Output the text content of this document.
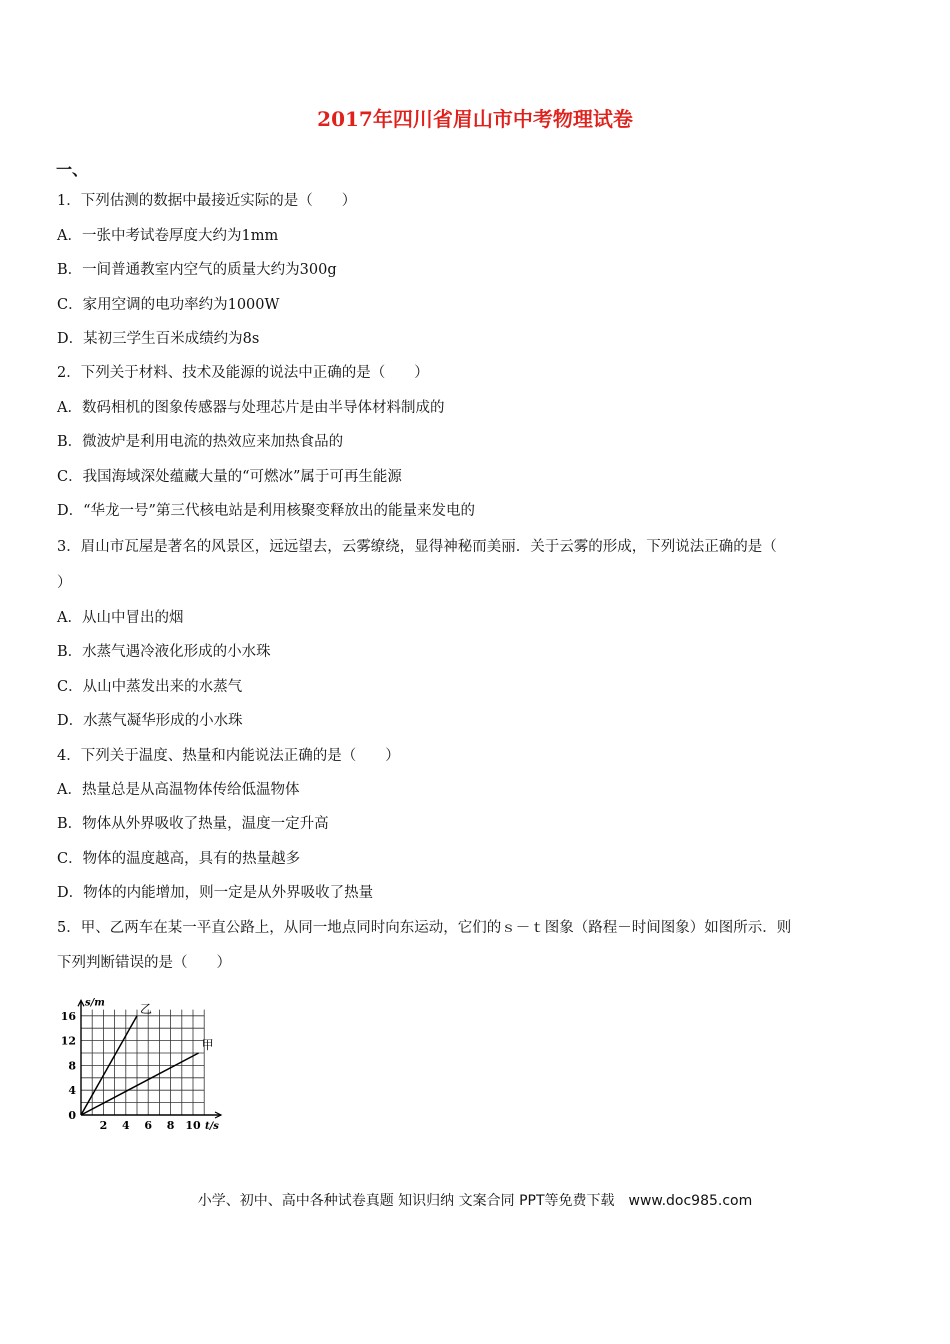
2017年四川省眉山市中考物理试卷
一、
1．下列估测的数据中最接近实际的是（　　）
A．一张中考试卷厚度大约为1mm
B．一间普通教室内空气的质量大约为300g
C．家用空调的电功率约为1000W
D．某初三学生百米成绩约为8s
2．下列关于材料、技术及能源的说法中正确的是（　　）
A．数码相机的图象传感器与处理芯片是由半导体材料制成的
B．微波炉是利用电流的热效应来加热食品的
C．我国海域深处蕴藏大量的“可燃冰”属于可再生能源
D．“华龙一号”第三代核电站是利用核聚变释放出的能量来发电的
3．眉山市瓦屋是著名的风景区，远远望去，云雾缭绕，显得神秘而美丽．关于云雾的形成，下列说法正确的是（
）
A．从山中冒出的烟
B．水蒸气遇冷液化形成的小水珠
C．从山中蒸发出来的水蒸气
D．水蒸气凝华形成的小水珠
4．下列关于温度、热量和内能说法正确的是（　　）
A．热量总是从高温物体传给低温物体
B．物体从外界吸收了热量，温度一定升高
C．物体的温度越高，具有的热量越多
D．物体的内能增加，则一定是从外界吸收了热量
5．甲、乙两车在某一平直公路上，从同一地点同时向东运动，它们的ｓ－ｔ图象（路程－时间图象）如图所示．则
下列判断错误的是（　　）
0
4
8
12
16
2 4 6 8 10
s/m
t/s
乙
甲
小学、初中、高中各种试卷真题 知识归纳 文案合同 PPT等免费下载　www.doc985.com
